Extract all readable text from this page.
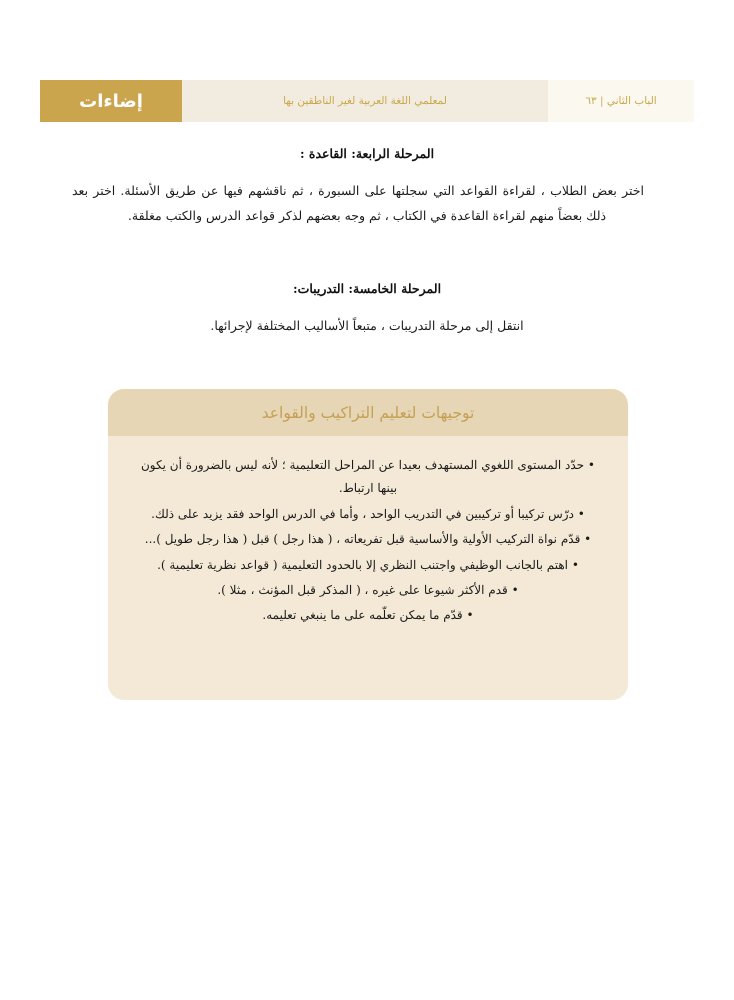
الباب الثاني | ٦٣
لمعلمي اللغة العربية لغير الناطقين بها
إضاءات
المرحلة الرابعة: القاعدة :

اختر بعض الطلاب ، لقراءة القواعد التي سجلتها على السبورة ، ثم ناقشهم فيها عن طريق الأسئلة. اختر بعد ذلك بعضاً منهم لقراءة القاعدة في الكتاب ، ثم وجه بعضهم لذكر قواعد الدرس والكتب مغلقة.

المرحلة الخامسة: التدريبات:

انتقل إلى مرحلة التدريبات ، متبعاً الأساليب المختلفة لإجرائها.

توجيهات لتعليم التراكيب والقواعد
• حدّد المستوى اللغوي المستهدف بعيدا عن المراحل التعليمية ؛ لأنه ليس بالضرورة أن يكون بينها ارتباط.
• درّس تركيبا أو تركيبين في التدريب الواحد ، وأما في الدرس الواحد فقد يزيد على ذلك.
• قدّم نواة التركيب الأولية والأساسية قبل تفريعاته ، ( هذا رجل ) قبل ( هذا رجل طويل )...
• اهتم بالجانب الوظيفي واجتنب النظري إلا بالحدود التعليمية ( قواعد نظرية تعليمية ).
• قدم الأكثر شيوعا على غيره ، ( المذكر قبل المؤنث ، مثلا ).
• قدّم ما يمكن تعلّمه على ما ينبغي تعليمه.
